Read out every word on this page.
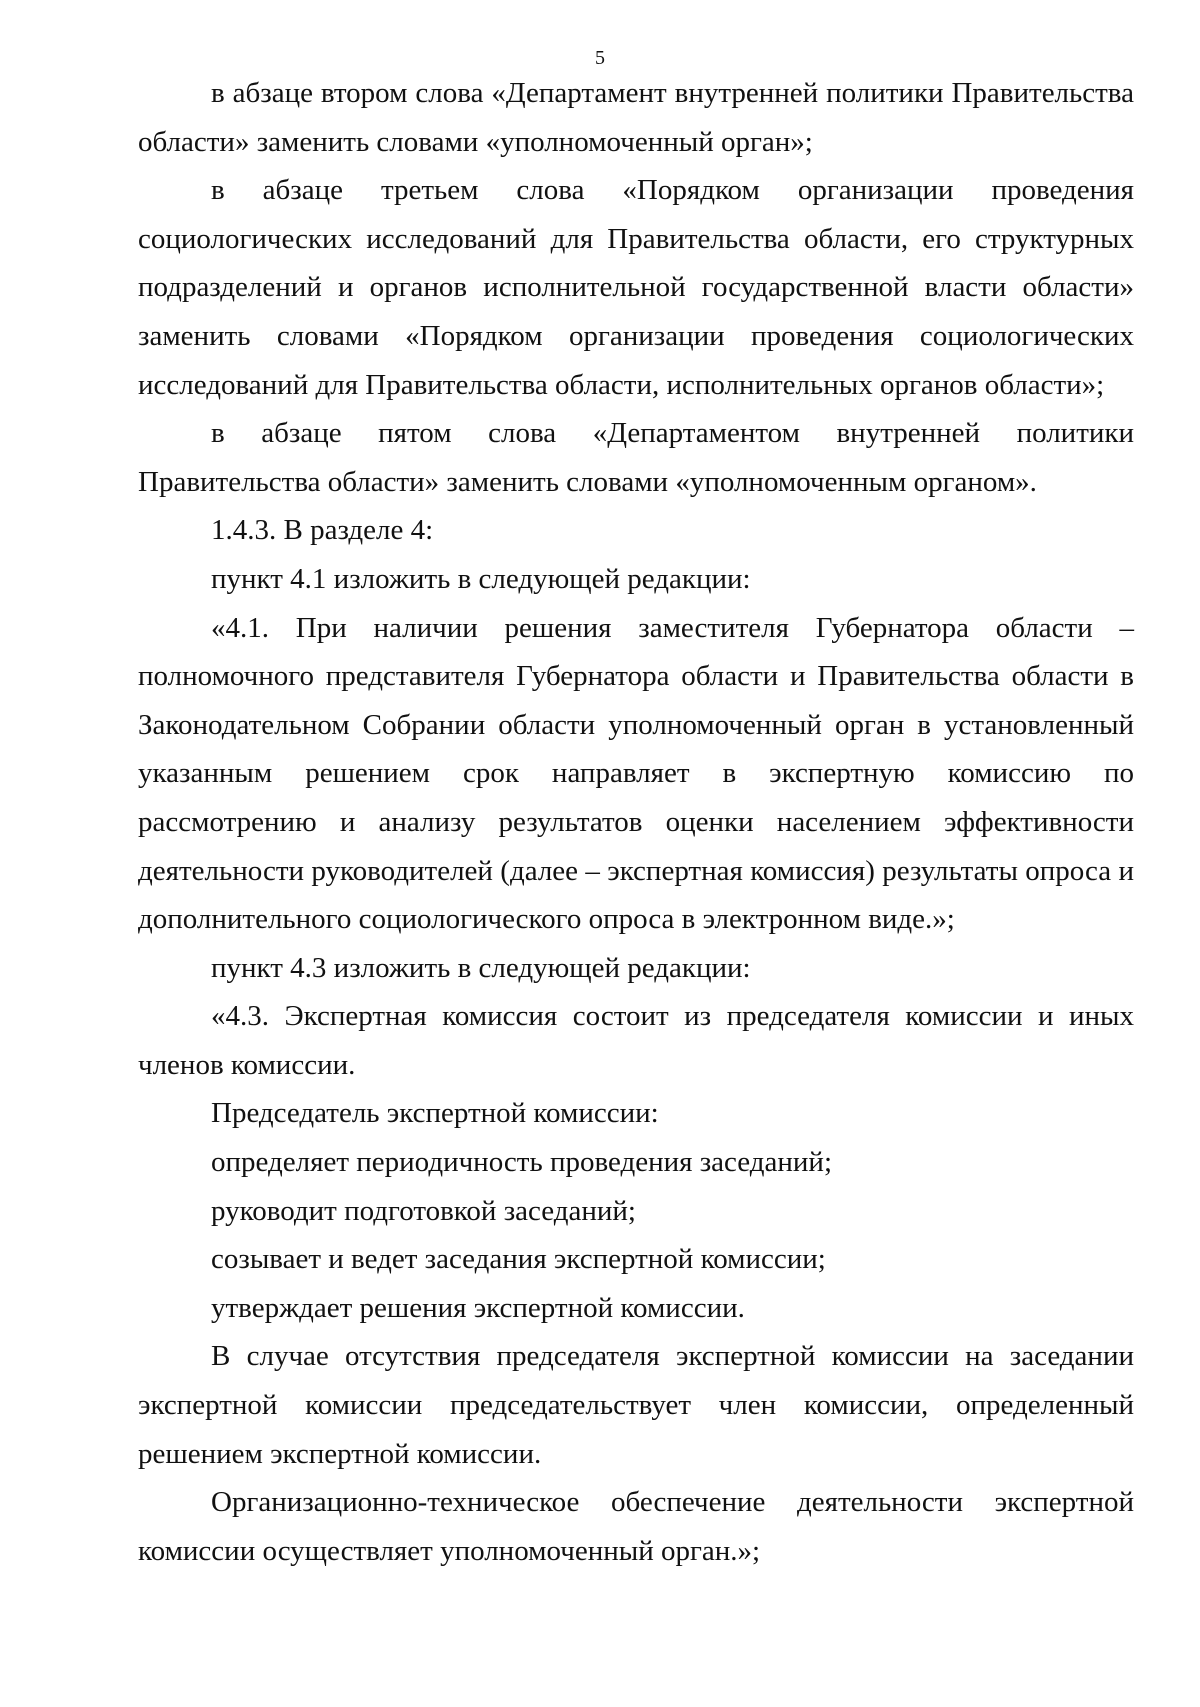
5

в абзаце втором слова «Департамент внутренней политики Правительства области» заменить словами «уполномоченный орган»;

в абзаце третьем слова «Порядком организации проведения социологических исследований для Правительства области, его структурных подразделений и органов исполнительной государственной власти области» заменить словами «Порядком организации проведения социологических исследований для Правительства области, исполнительных органов области»;

в абзаце пятом слова «Департаментом внутренней политики Правительства области» заменить словами «уполномоченным органом».

1.4.3. В разделе 4:

пункт 4.1 изложить в следующей редакции:

«4.1. При наличии решения заместителя Губернатора области – полномочного представителя Губернатора области и Правительства области в Законодательном Собрании области уполномоченный орган в установленный указанным решением срок направляет в экспертную комиссию по рассмотрению и анализу результатов оценки населением эффективности деятельности руководителей (далее – экспертная комиссия) результаты опроса и дополнительного социологического опроса в электронном виде.»;

пункт 4.3 изложить в следующей редакции:

«4.3. Экспертная комиссия состоит из председателя комиссии и иных членов комиссии.

Председатель экспертной комиссии:

определяет периодичность проведения заседаний;

руководит подготовкой заседаний;

созывает и ведет заседания экспертной комиссии;

утверждает решения экспертной комиссии.

В случае отсутствия председателя экспертной комиссии на заседании экспертной комиссии председательствует член комиссии, определенный решением экспертной комиссии.

Организационно-техническое обеспечение деятельности экспертной комиссии осуществляет уполномоченный орган.»;
